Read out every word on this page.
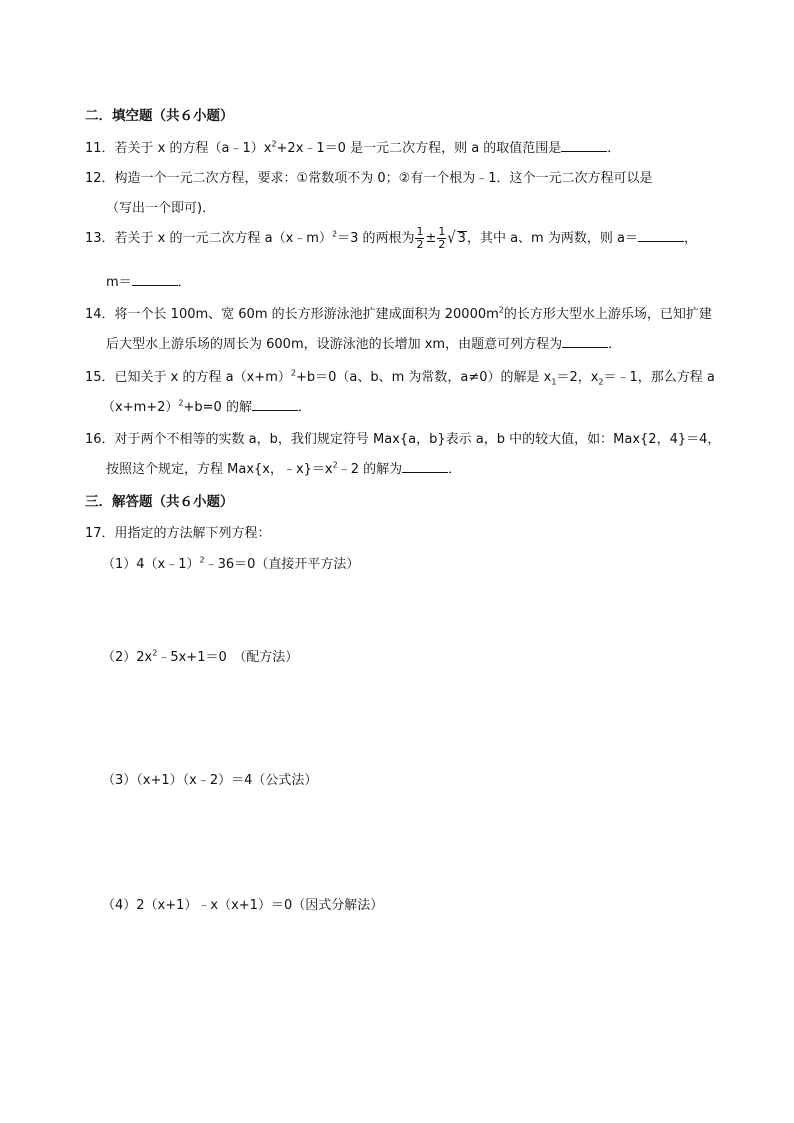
二．填空题（共６小题）
11．若关于 x 的方程$(a﹣1)x^2+2x﹣1=0$ 是一元二次方程，则 a 的取值范围是	．
12．构造一个一元二次方程，要求：①常数项不为 0；②有一个根为﹣1．这个一元二次方程可以是
（写出一个即可)．
13．若关于 x 的一元二次方程 a（x﹣m）$^2$＝3 的两根为 $\frac{1}{2} \pm \frac{1}{2}$ √ 3，其中 a、m 为两数，则 a＝	，
m＝	．
14．将一个长 100m、宽 60m 的长方形游泳池扩建成面积为 $20000m^2$的长方形大型水上游乐场，已知扩建
后大型水上游乐场的周长为 600m，设游泳池的长增加 xm，由题意可列方程为	．
15．已知关于 x 的方程 $a(x+m)^2+b=0(a$、b、m 为常数，a≠0）的解是 $x_1=2$，$x_2=﹣1$，那么方程 a
$(x+m+2)^2+b=0$ 的解	．
16．对于两个不相等的实数 a，b，我们规定符号 Max{a，b}表示 a，b 中的较大值，如：Max{2，4}＝4，
按照这个规定，方程 Max{x，$﹣x\}=x^2﹣2$ 的解为	．
三．解答题（共６小题）
17．用指定的方法解下列方程：
（1）4（x﹣1）$^2$﹣36＝0（直接开平方法）
$(2)2x^2﹣5x+1=0$　（配方法）
（3）（x+1）（x﹣2）＝4（公式法）
（4）2（x+1）﹣x（x+1）＝0（因式分解法）
